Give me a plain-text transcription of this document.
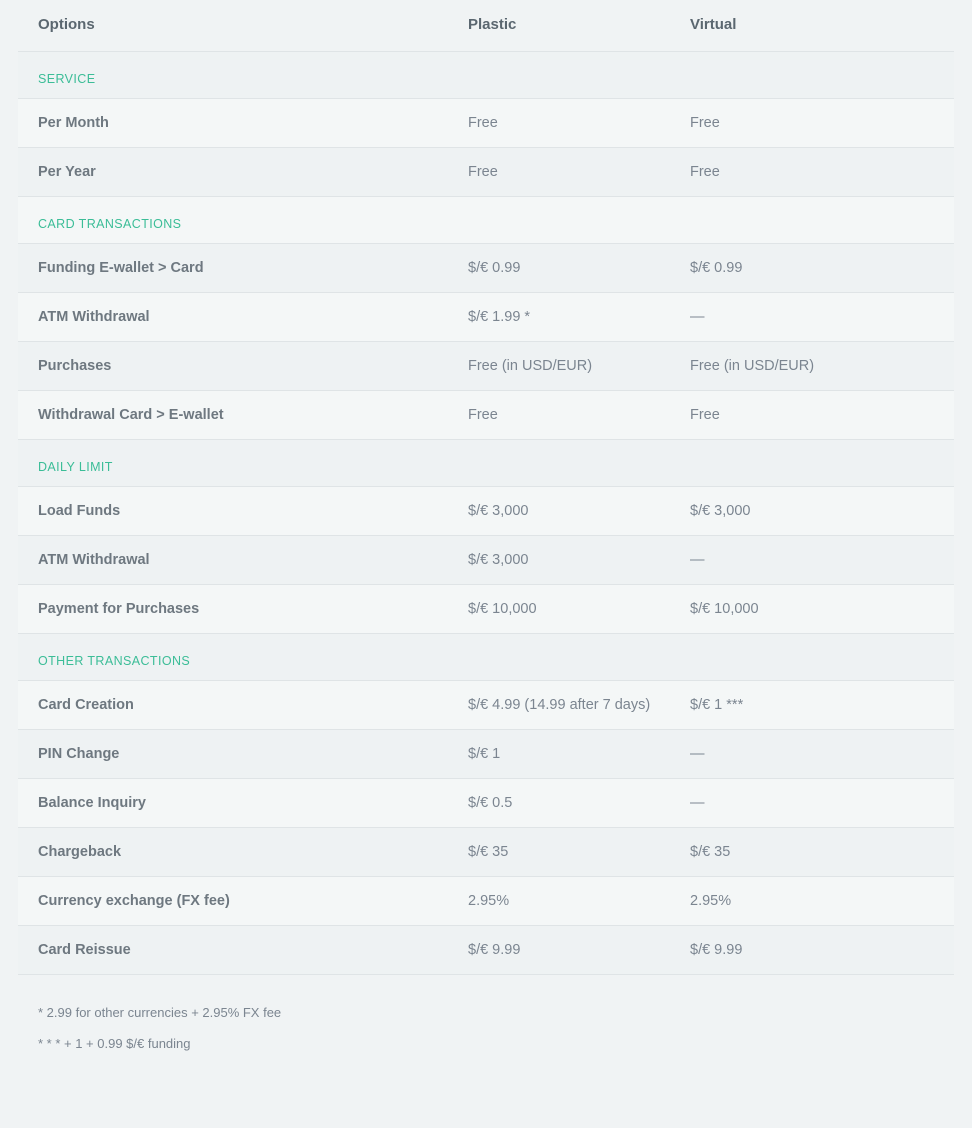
Options	Plastic	Virtual
SERVICE		
Per Month	Free	Free
Per Year	Free	Free
CARD TRANSACTIONS		
Funding E-wallet > Card	$/€ 0.99	$/€ 0.99
ATM Withdrawal	$/€ 1.99 *	—
Purchases	Free (in USD/EUR)	Free (in USD/EUR)
Withdrawal Card > E-wallet	Free	Free
DAILY LIMIT		
Load Funds	$/€ 3,000	$/€ 3,000
ATM Withdrawal	$/€ 3,000	—
Payment for Purchases	$/€ 10,000	$/€ 10,000
OTHER TRANSACTIONS		
Card Creation	$/€ 4.99 (14.99 after 7 days)	$/€ 1 ***
PIN Change	$/€ 1	—
Balance Inquiry	$/€ 0.5	—
Chargeback	$/€ 35	$/€ 35
Currency exchange (FX fee)	2.95%	2.95%
Card Reissue	$/€ 9.99	$/€ 9.99
* 2.99 for other currencies + 2.95% FX fee
* * * + 1 + 0.99 $/€ funding
